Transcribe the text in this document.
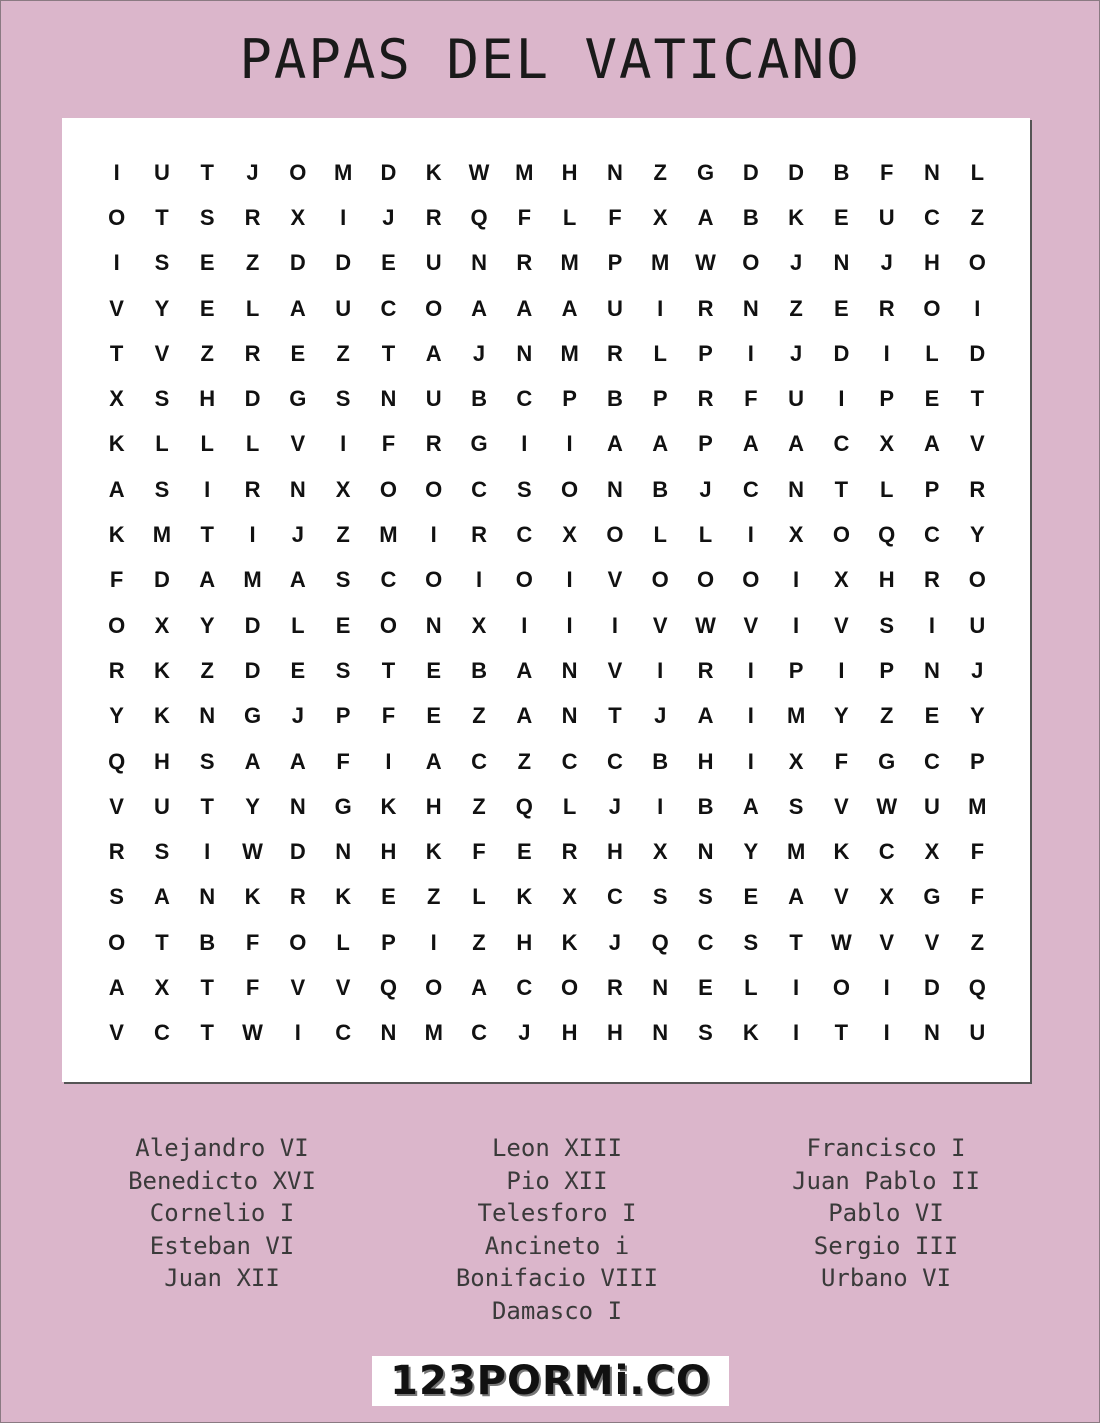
PAPAS DEL VATICANO
I	U	T	J	O	M	D	K	W	M	H	N	Z	G	D	D	B	F	N	L
O	T	S	R	X	I	J	R	Q	F	L	F	X	A	B	K	E	U	C	Z
I	S	E	Z	D	D	E	U	N	R	M	P	M	W	O	J	N	J	H	O
V	Y	E	L	A	U	C	O	A	A	A	U	I	R	N	Z	E	R	O	I
T	V	Z	R	E	Z	T	A	J	N	M	R	L	P	I	J	D	I	L	D
X	S	H	D	G	S	N	U	B	C	P	B	P	R	F	U	I	P	E	T
K	L	L	L	V	I	F	R	G	I	I	A	A	P	A	A	C	X	A	V
A	S	I	R	N	X	O	O	C	S	O	N	B	J	C	N	T	L	P	R
K	M	T	I	J	Z	M	I	R	C	X	O	L	L	I	X	O	Q	C	Y
F	D	A	M	A	S	C	O	I	O	I	V	O	O	O	I	X	H	R	O
O	X	Y	D	L	E	O	N	X	I	I	I	V	W	V	I	V	S	I	U
R	K	Z	D	E	S	T	E	B	A	N	V	I	R	I	P	I	P	N	J
Y	K	N	G	J	P	F	E	Z	A	N	T	J	A	I	M	Y	Z	E	Y
Q	H	S	A	A	F	I	A	C	Z	C	C	B	H	I	X	F	G	C	P
V	U	T	Y	N	G	K	H	Z	Q	L	J	I	B	A	S	V	W	U	M
R	S	I	W	D	N	H	K	F	E	R	H	X	N	Y	M	K	C	X	F
S	A	N	K	R	K	E	Z	L	K	X	C	S	S	E	A	V	X	G	F
O	T	B	F	O	L	P	I	Z	H	K	J	Q	C	S	T	W	V	V	Z
A	X	T	F	V	V	Q	O	A	C	O	R	N	E	L	I	O	I	D	Q
V	C	T	W	I	C	N	M	C	J	H	H	N	S	K	I	T	I	N	U
Alejandro VI
Benedicto XVI
Cornelio I
Esteban VI
Juan XII
Leon XIII
Pio XII
Telesforo I
Ancineto i
Bonifacio VIII
Damasco I
Francisco I
Juan Pablo II
Pablo VI
Sergio III
Urbano VI
123PORMi.CO
